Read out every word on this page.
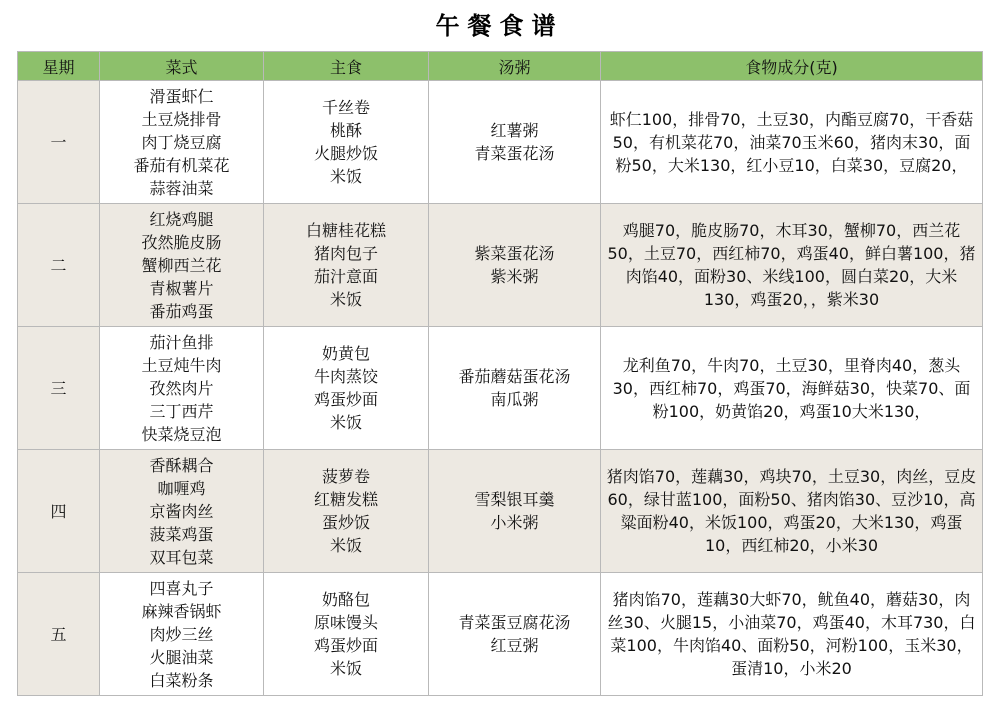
午餐食谱
星期	菜式	主食	汤粥	食物成分(克)
一	滑蛋虾仁
土豆烧排骨
肉丁烧豆腐
番茄有机菜花
蒜蓉油菜	千丝卷
桃酥
火腿炒饭
米饭	红薯粥
青菜蛋花汤	虾仁100，排骨70，土豆30，内酯豆腐70，干香菇50，有机菜花70，油菜70玉米60，猪肉末30，面粉50，大米130，红小豆10，白菜30，豆腐20，
二	红烧鸡腿
孜然脆皮肠
蟹柳西兰花
青椒薯片
番茄鸡蛋	白糖桂花糕
猪肉包子
茄汁意面
米饭	紫菜蛋花汤
紫米粥	鸡腿70，脆皮肠70，木耳30，蟹柳70，西兰花50，土豆70，西红柿70，鸡蛋40，鲜白薯100，猪肉馅40，面粉30、米线100，圆白菜20，大米130，鸡蛋20，，紫米30
三	茄汁鱼排
土豆炖牛肉
孜然肉片
三丁西芹
快菜烧豆泡	奶黄包
牛肉蒸饺
鸡蛋炒面
米饭	番茄蘑菇蛋花汤
南瓜粥	龙利鱼70，牛肉70，土豆30，里脊肉40，葱头30，西红柿70，鸡蛋70，海鲜菇30，快菜70、面粉100，奶黄馅20，鸡蛋10大米130，
四	香酥耦合
咖喱鸡
京酱肉丝
菠菜鸡蛋
双耳包菜	菠萝卷
红糖发糕
蛋炒饭
米饭	雪梨银耳羹
小米粥	猪肉馅70，莲藕30，鸡块70，土豆30，肉丝，豆皮60，绿甘蓝100，面粉50、猪肉馅30、豆沙10，高粱面粉40，米饭100，鸡蛋20，大米130，鸡蛋10，西红柿20，小米30
五	四喜丸子
麻辣香锅虾
肉炒三丝
火腿油菜
白菜粉条	奶酪包
原味馒头
鸡蛋炒面
米饭	青菜蛋豆腐花汤
红豆粥	猪肉馅70，莲藕30大虾70，鱿鱼40，蘑菇30，肉丝30、火腿15，小油菜70，鸡蛋40，木耳730，白菜100，牛肉馅40、面粉50，河粉100，玉米30，蛋清10，小米20
